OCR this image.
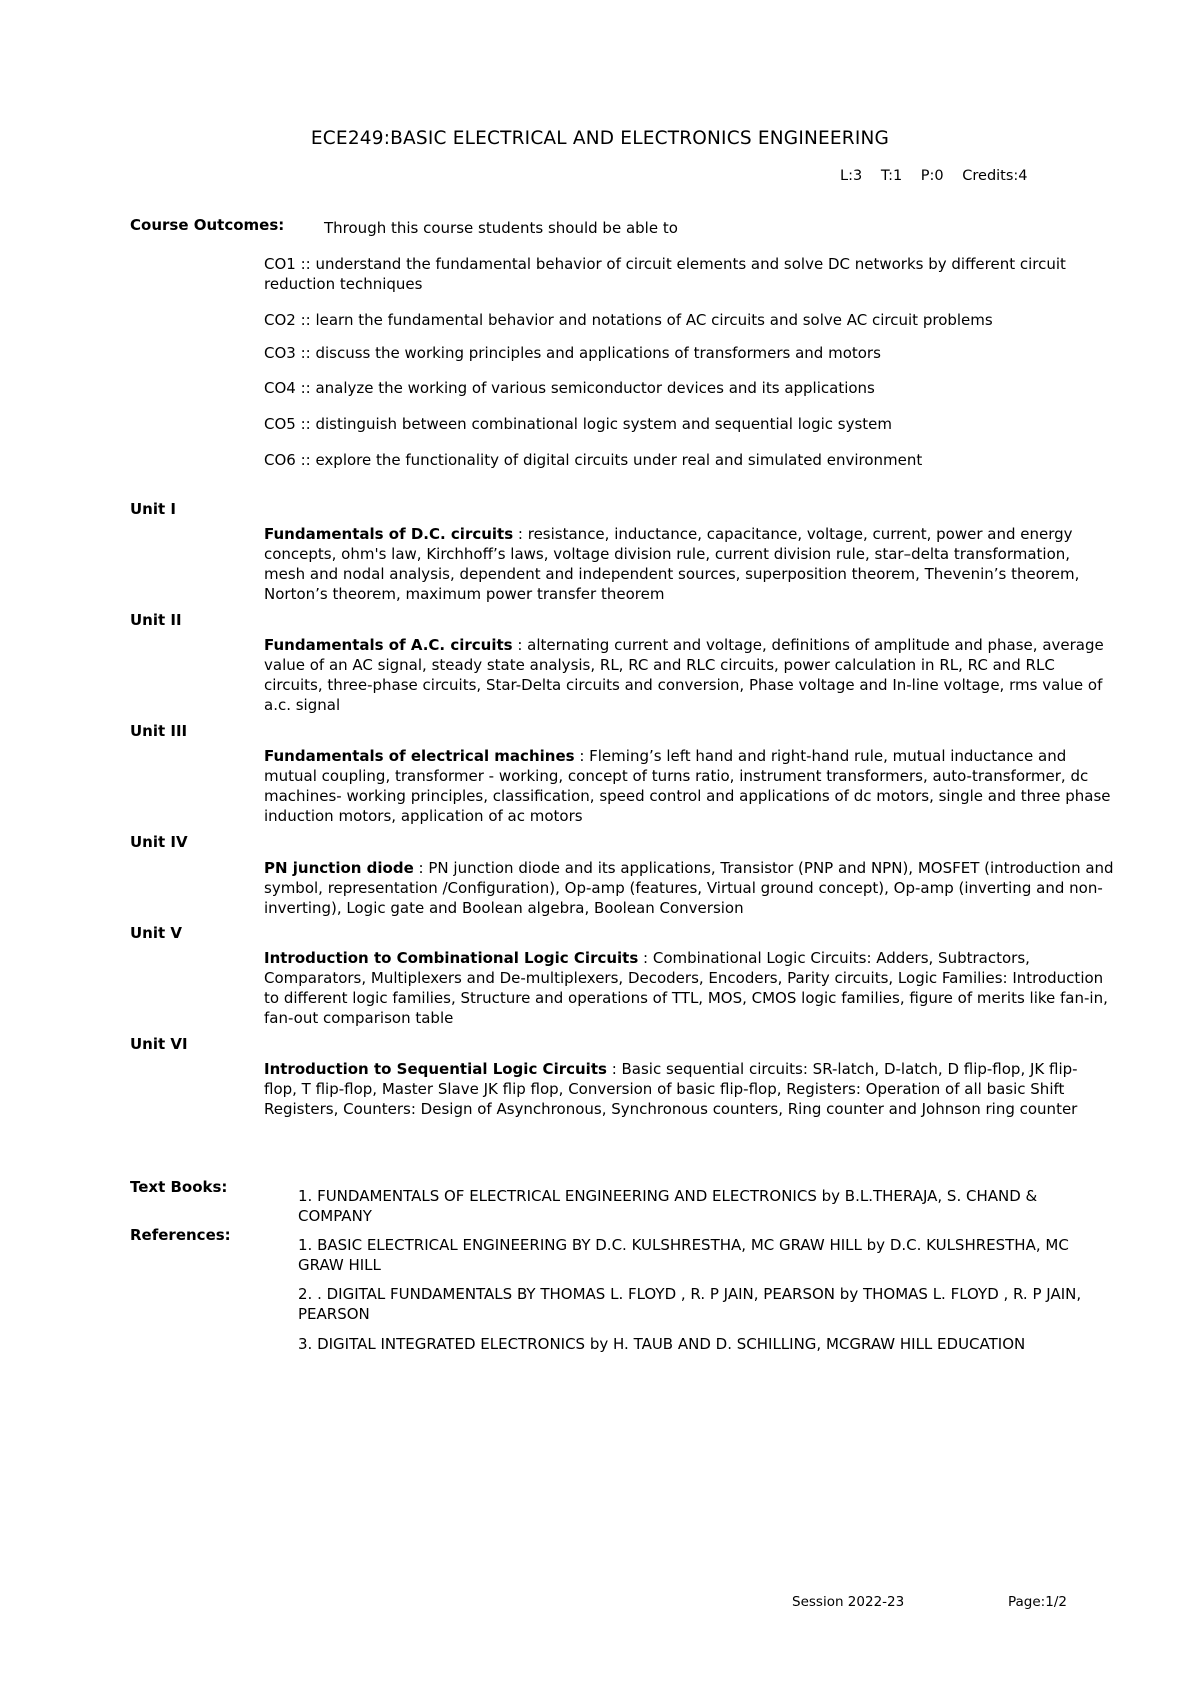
ECE249:BASIC ELECTRICAL AND ELECTRONICS ENGINEERING
L:3 T:1 P:0 Credits:4
Course Outcomes:	Through this course students should be able to
CO1 :: understand the fundamental behavior of circuit elements and solve DC networks by different circuit reduction techniques
CO2 :: learn the fundamental behavior and notations of AC circuits and solve AC circuit problems
CO3 :: discuss the working principles and applications of transformers and motors
CO4 :: analyze the working of various semiconductor devices and its applications
CO5 :: distinguish between combinational logic system and sequential logic system
CO6 :: explore the functionality of digital circuits under real and simulated environment
Unit I
Fundamentals of D.C. circuits : resistance, inductance, capacitance, voltage, current, power and energy concepts, ohm's law, Kirchhoff’s laws, voltage division rule, current division rule, star–delta transformation, mesh and nodal analysis, dependent and independent sources, superposition theorem, Thevenin’s theorem, Norton’s theorem, maximum power transfer theorem
Unit II
Fundamentals of A.C. circuits : alternating current and voltage, definitions of amplitude and phase, average value of an AC signal, steady state analysis, RL, RC and RLC circuits, power calculation in RL, RC and RLC circuits, three-phase circuits, Star-Delta circuits and conversion, Phase voltage and In-line voltage, rms value of a.c. signal
Unit III
Fundamentals of electrical machines : Fleming’s left hand and right-hand rule, mutual inductance and mutual coupling, transformer - working, concept of turns ratio, instrument transformers, auto-transformer, dc machines- working principles, classification, speed control and applications of dc motors, single and three phase induction motors, application of ac motors
Unit IV
PN junction diode : PN junction diode and its applications, Transistor (PNP and NPN), MOSFET (introduction and symbol, representation /Configuration), Op-amp (features, Virtual ground concept), Op-amp (inverting and non-inverting), Logic gate and Boolean algebra, Boolean Conversion
Unit V
Introduction to Combinational Logic Circuits : Combinational Logic Circuits: Adders, Subtractors, Comparators, Multiplexers and De-multiplexers, Decoders, Encoders, Parity circuits, Logic Families: Introduction to different logic families, Structure and operations of TTL, MOS, CMOS logic families, figure of merits like fan-in, fan-out comparison table
Unit VI
Introduction to Sequential Logic Circuits : Basic sequential circuits: SR-latch, D-latch, D flip-flop, JK flip- flop, T flip-flop, Master Slave JK flip flop, Conversion of basic flip-flop, Registers: Operation of all basic Shift Registers, Counters: Design of Asynchronous, Synchronous counters, Ring counter and Johnson ring counter
Text Books:	1. FUNDAMENTALS OF ELECTRICAL ENGINEERING AND ELECTRONICS by B.L.THERAJA, S. CHAND & COMPANY
References:
1. BASIC ELECTRICAL ENGINEERING BY D.C. KULSHRESTHA, MC GRAW HILL by D.C. KULSHRESTHA, MC GRAW HILL
2. . DIGITAL FUNDAMENTALS BY THOMAS L. FLOYD , R. P JAIN, PEARSON by THOMAS L. FLOYD , R. P JAIN, PEARSON
3. DIGITAL INTEGRATED ELECTRONICS by H. TAUB AND D. SCHILLING, MCGRAW HILL EDUCATION
Session 2022-23	Page:1/2
